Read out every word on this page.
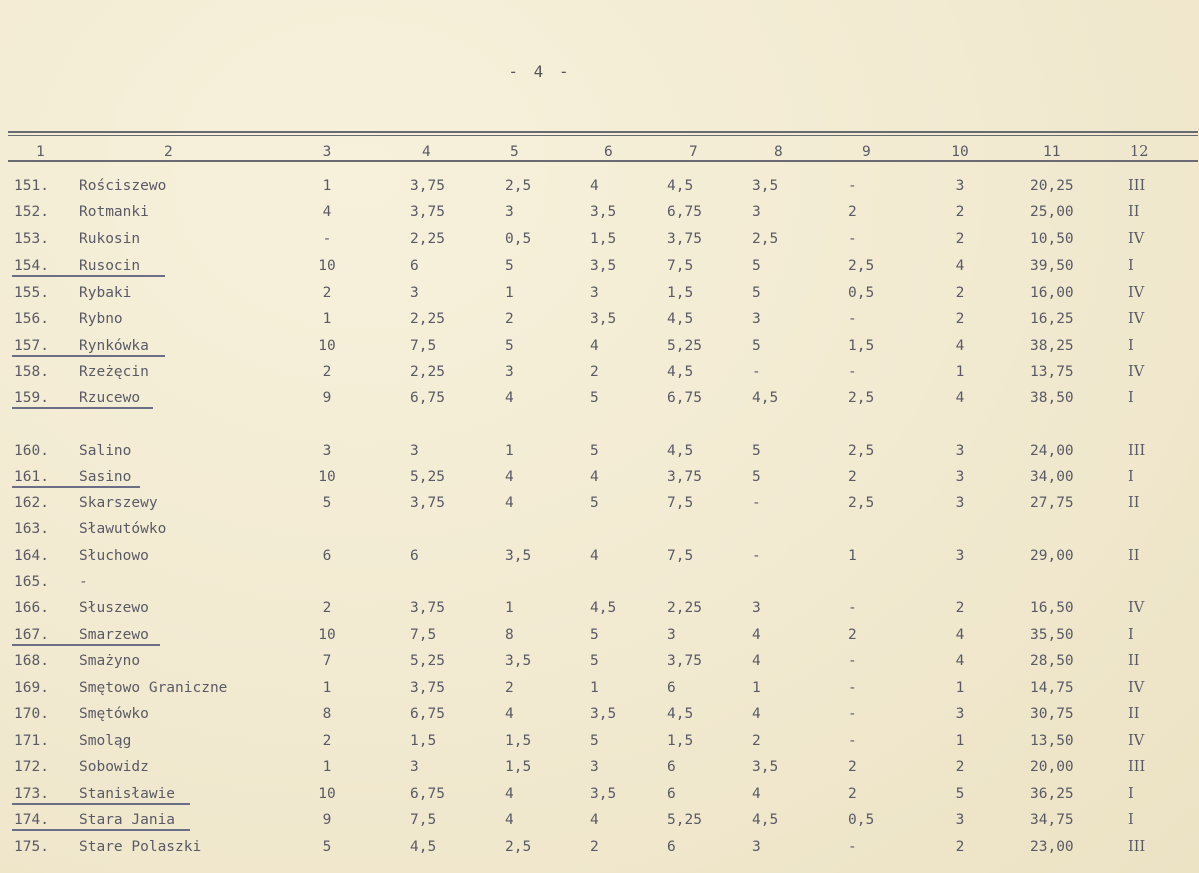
- 4 -
1	2	3	4	5	6	7	8	9	10	11	12
151. Rościszewo	1	3,75	2,5	4	4,5	3,5	-	3	20,25	III
152. Rotmanki	4	3,75	3	3,5	6,75	3	2	2	25,00	II
153. Rukosin	-	2,25	0,5	1,5	3,75	2,5	-	2	10,50	IV
154. Rusocin	10	6	5	3,5	7,5	5	2,5	4	39,50	I
155. Rybaki	2	3	1	3	1,5	5	0,5	2	16,00	IV
156. Rybno	1	2,25	2	3,5	4,5	3	-	2	16,25	IV
157. Rynkówka	10	7,5	5	4	5,25	5	1,5	4	38,25	I
158. Rzeżęcin	2	2,25	3	2	4,5	-	-	1	13,75	IV
159. Rzucewo	9	6,75	4	5	6,75	4,5	2,5	4	38,50	I
160. Salino	3	3	1	5	4,5	5	2,5	3	24,00	III
161. Sasino	10	5,25	4	4	3,75	5	2	3	34,00	I
162. Skarszewy	5	3,75	4	5	7,5	-	2,5	3	27,75	II
163. Sławutówko
164. Słuchowo	6	6	3,5	4	7,5	-	1	3	29,00	II
165. -
166. Słuszewo	2	3,75	1	4,5	2,25	3	-	2	16,50	IV
167. Smarzewo	10	7,5	8	5	3	4	2	4	35,50	I
168. Smażyno	7	5,25	3,5	5	3,75	4	-	4	28,50	II
169. Smętowo Graniczne	1	3,75	2	1	6	1	-	1	14,75	IV
170. Smętówko	8	6,75	4	3,5	4,5	4	-	3	30,75	II
171. Smoląg	2	1,5	1,5	5	1,5	2	-	1	13,50	IV
172. Sobowidz	1	3	1,5	3	6	3,5	2	2	20,00	III
173. Stanisławie	10	6,75	4	3,5	6	4	2	5	36,25	I
174. Stara Jania	9	7,5	4	4	5,25	4,5	0,5	3	34,75	I
175. Stare Polaszki	5	4,5	2,5	2	6	3	-	2	23,00	III
